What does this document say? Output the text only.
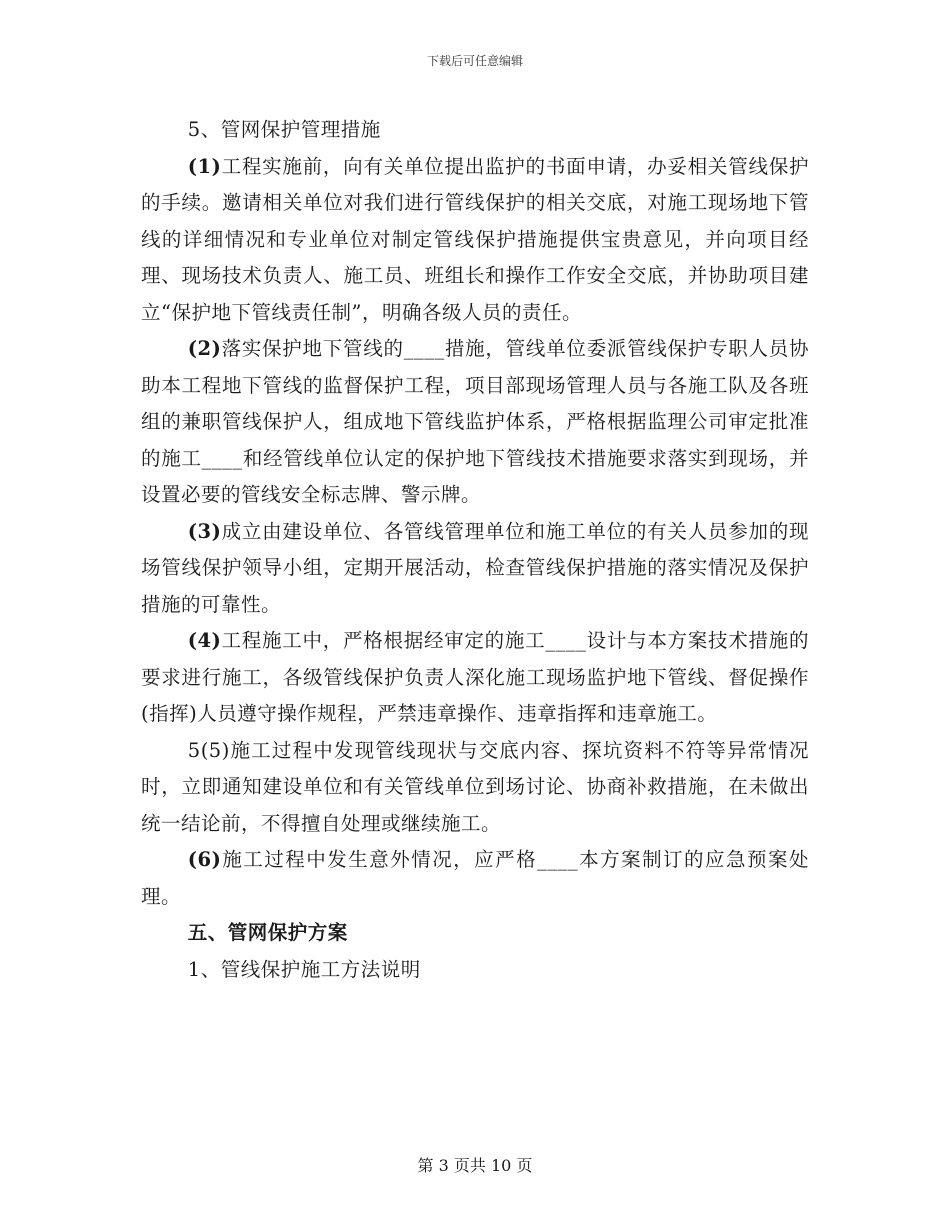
下载后可任意编辑

5、管网保护管理措施

(1)工程实施前，向有关单位提出监护的书面申请，办妥相关管线保护的手续。邀请相关单位对我们进行管线保护的相关交底，对施工现场地下管线的详细情况和专业单位对制定管线保护措施提供宝贵意见，并向项目经理、现场技术负责人、施工员、班组长和操作工作安全交底，并协助项目建立“保护地下管线责任制”，明确各级人员的责任。

(2)落实保护地下管线的____措施，管线单位委派管线保护专职人员协助本工程地下管线的监督保护工程，项目部现场管理人员与各施工队及各班组的兼职管线保护人，组成地下管线监护体系，严格根据监理公司审定批准的施工____和经管线单位认定的保护地下管线技术措施要求落实到现场，并设置必要的管线安全标志牌、警示牌。

(3)成立由建设单位、各管线管理单位和施工单位的有关人员参加的现场管线保护领导小组，定期开展活动，检查管线保护措施的落实情况及保护措施的可靠性。

(4)工程施工中，严格根据经审定的施工____设计与本方案技术措施的要求进行施工，各级管线保护负责人深化施工现场监护地下管线、督促操作(指挥)人员遵守操作规程，严禁违章操作、违章指挥和违章施工。

5(5)施工过程中发现管线现状与交底内容、探坑资料不符等异常情况时，立即通知建设单位和有关管线单位到场讨论、协商补救措施，在未做出统一结论前，不得擅自处理或继续施工。

(6)施工过程中发生意外情况，应严格____本方案制订的应急预案处理。

五、管网保护方案

1、管线保护施工方法说明

第 3 页共 10 页
